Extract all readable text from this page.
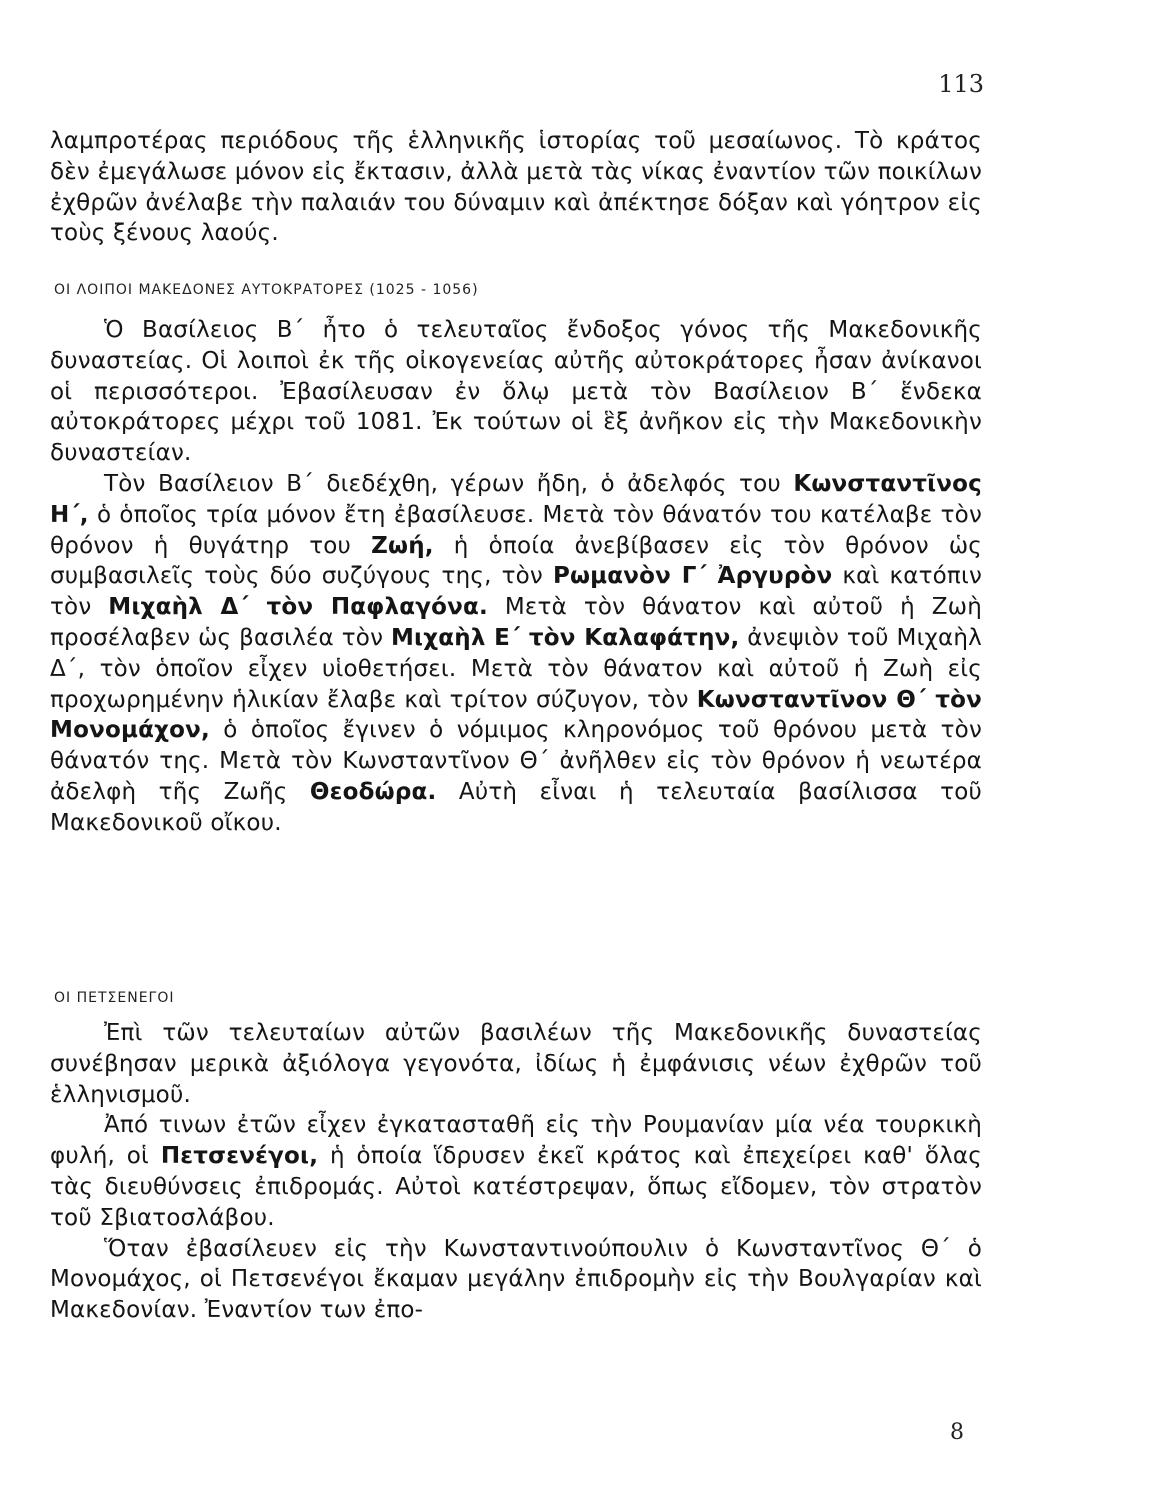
113

λαμπροτέρας περιόδους τῆς ἑλληνικῆς ἱστορίας τοῦ μεσαίωνος. Τὸ κράτος δὲν ἐμεγάλωσε μόνον εἰς ἔκτασιν, ἀλλὰ μετὰ τὰς νίκας ἐναντίον τῶν ποικίλων ἐχθρῶν ἀνέλαβε τὴν παλαιάν του δύναμιν καὶ ἀπέκτησε δόξαν καὶ γόητρον εἰς τοὺς ξένους λαούς.

ΟΙ ΛΟΙΠΟΙ ΜΑΚΕΔΟΝΕΣ ΑΥΤΟΚΡΑΤΟΡΕΣ (1025 - 1056)

Ὁ Βασίλειος Β΄ ἦτο ὁ τελευταῖος ἔνδοξος γόνος τῆς Μακεδονικῆς δυναστείας. Οἱ λοιποὶ ἐκ τῆς οἰκογενείας αὐτῆς αὐτοκράτορες ἦσαν ἀνίκανοι οἱ περισσότεροι. Ἐβασίλευσαν ἐν ὅλῳ μετὰ τὸν Βασίλειον Β΄ ἕνδεκα αὐτοκράτορες μέχρι τοῦ 1081. Ἐκ τούτων οἱ ἓξ ἀνῆκον εἰς τὴν Μακεδονικὴν δυναστείαν.

Τὸν Βασίλειον Β΄ διεδέχθη, γέρων ἤδη, ὁ ἀδελφός του Κωνσταντῖνος Η΄, ὁ ὁποῖος τρία μόνον ἔτη ἐβασίλευσε. Μετὰ τὸν θάνατόν του κατέλαβε τὸν θρόνον ἡ θυγάτηρ του Ζωή, ἡ ὁποία ἀνεβίβασεν εἰς τὸν θρόνον ὡς συμβασιλεῖς τοὺς δύο συζύγους της, τὸν Ρωμανὸν Γ΄ Ἀργυρὸν καὶ κατόπιν τὸν Μιχαὴλ Δ΄ τὸν Παφλαγόνα. Μετὰ τὸν θάνατον καὶ αὐτοῦ ἡ Ζωὴ προσέλαβεν ὡς βασιλέα τὸν Μιχαὴλ Ε΄ τὸν Καλαφάτην, ἀνεψιὸν τοῦ Μιχαὴλ Δ΄, τὸν ὁποῖον εἶχεν υἱοθετήσει. Μετὰ τὸν θάνατον καὶ αὐτοῦ ἡ Ζωὴ εἰς προχωρημένην ἡλικίαν ἔλαβε καὶ τρίτον σύζυγον, τὸν Κωνσταντῖνον Θ΄ τὸν Μονομάχον, ὁ ὁποῖος ἔγινεν ὁ νόμιμος κληρονόμος τοῦ θρόνου μετὰ τὸν θάνατόν της. Μετὰ τὸν Κωνσταντῖνον Θ΄ ἀνῆλθεν εἰς τὸν θρόνον ἡ νεωτέρα ἀδελφὴ τῆς Ζωῆς Θεοδώρα. Αὐτὴ εἶναι ἡ τελευταία βασίλισσα τοῦ Μακεδονικοῦ οἴκου.

ΟΙ ΠΕΤΣΕΝΕΓΟΙ

Ἐπὶ τῶν τελευταίων αὐτῶν βασιλέων τῆς Μακεδονικῆς δυναστείας συνέβησαν μερικὰ ἀξιόλογα γεγονότα, ἰδίως ἡ ἐμφάνισις νέων ἐχθρῶν τοῦ ἑλληνισμοῦ.

Ἀπό τινων ἐτῶν εἶχεν ἐγκατασταθῆ εἰς τὴν Ρουμανίαν μία νέα τουρκικὴ φυλή, οἱ Πετσενέγοι, ἡ ὁποία ἵδρυσεν ἐκεῖ κράτος καὶ ἐπεχείρει καθ' ὅλας τὰς διευθύνσεις ἐπιδρομάς. Αὐτοὶ κατέστρεψαν, ὅπως εἴδομεν, τὸν στρατὸν τοῦ Σβιατοσλάβου.

Ὅταν ἐβασίλευεν εἰς τὴν Κωνσταντινούπουλιν ὁ Κωνσταντῖνος Θ΄ ὁ Μονομάχος, οἱ Πετσενέγοι ἔκαμαν μεγάλην ἐπιδρομὴν εἰς τὴν Βουλγαρίαν καὶ Μακεδονίαν. Ἐναντίον των ἐπο-

8
